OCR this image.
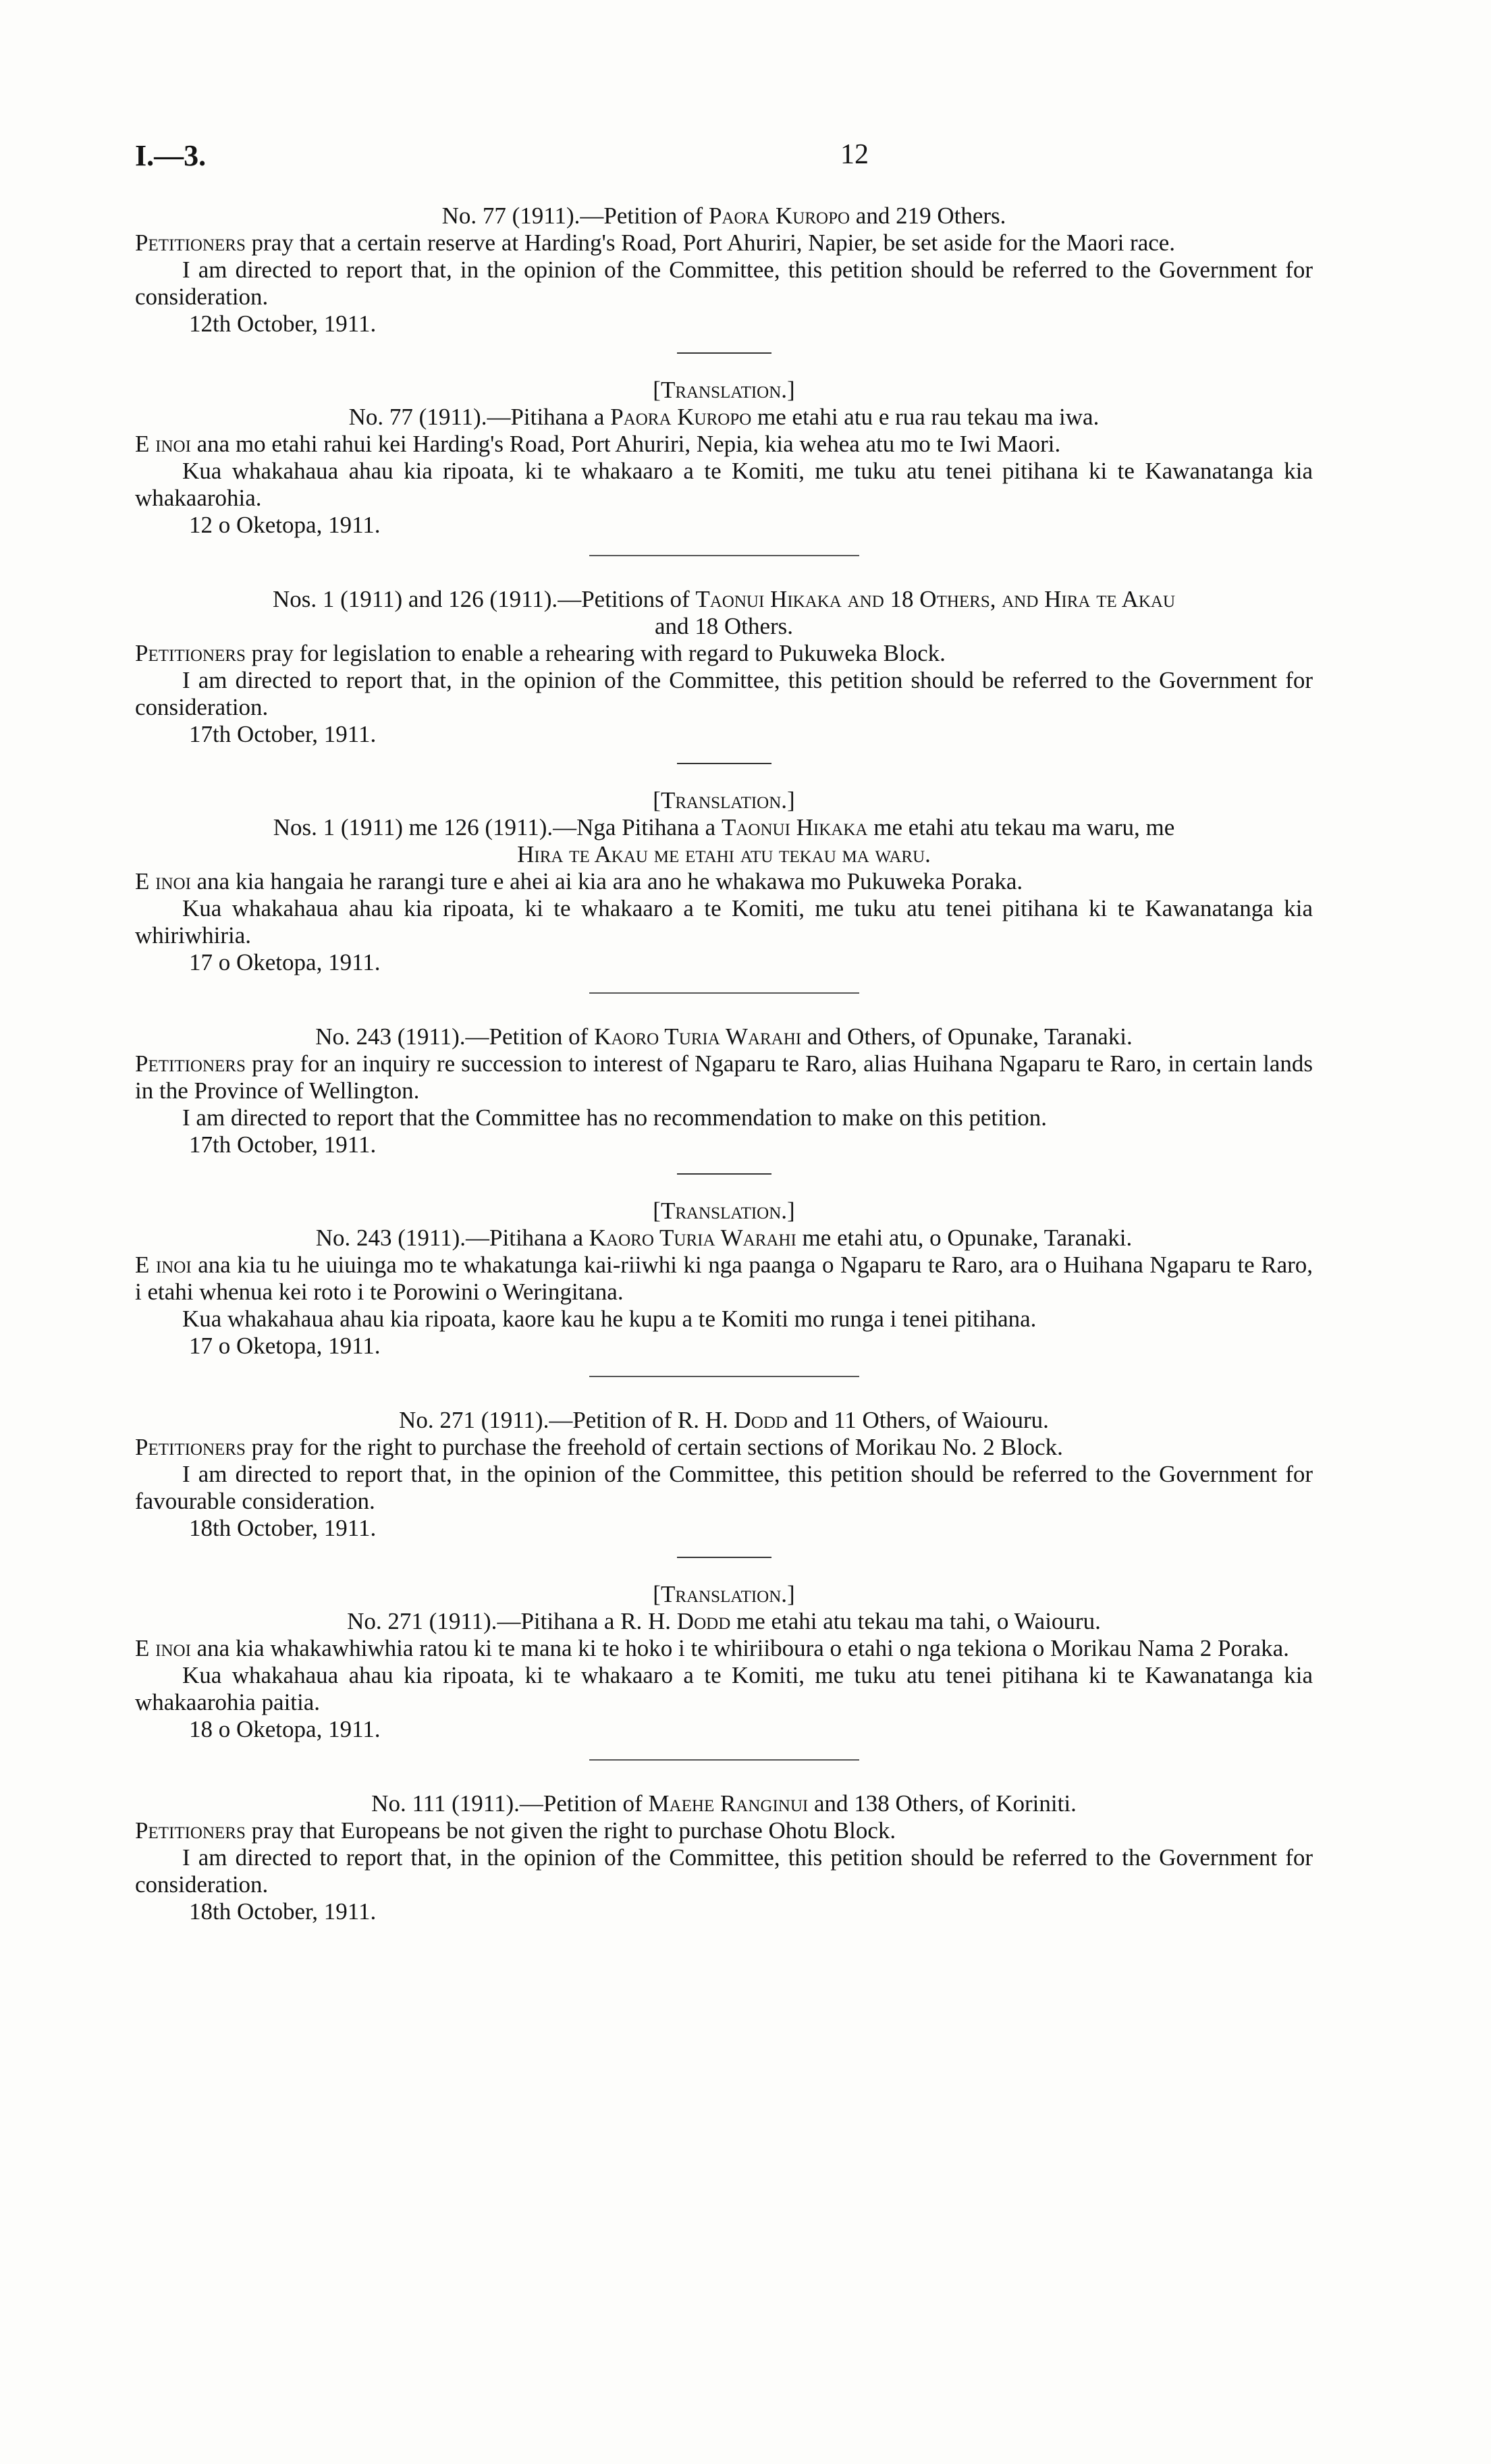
I.—3.	12

No. 77 (1911).—Petition of Paora Kuropo and 219 Others.

Petitioners pray that a certain reserve at Harding's Road, Port Ahuriri, Napier, be set aside for the Maori race.

I am directed to report that, in the opinion of the Committee, this petition should be referred to the Government for consideration.

12th October, 1911.

[Translation.]

No. 77 (1911).—Pitihana a Paora Kuropo me etahi atu e rua rau tekau ma iwa.

E inoi ana mo etahi rahui kei Harding's Road, Port Ahuriri, Nepia, kia wehea atu mo te Iwi Maori.

Kua whakahaua ahau kia ripoata, ki te whakaaro a te Komiti, me tuku atu tenei pitihana ki te Kawanatanga kia whakaarohia.

12 o Oketopa, 1911.

Nos. 1 (1911) and 126 (1911).—Petitions of Taonui Hikaka and 18 Others, and Hira te Akau

and 18 Others.

Petitioners pray for legislation to enable a rehearing with regard to Pukuweka Block.

I am directed to report that, in the opinion of the Committee, this petition should be referred to the Government for consideration.

17th October, 1911.

[Translation.]

Nos. 1 (1911) me 126 (1911).—Nga Pitihana a Taonui Hikaka me etahi atu tekau ma waru, me

Hira te Akau me etahi atu tekau ma waru.

E inoi ana kia hangaia he rarangi ture e ahei ai kia ara ano he whakawa mo Pukuweka Poraka.

Kua whakahaua ahau kia ripoata, ki te whakaaro a te Komiti, me tuku atu tenei pitihana ki te Kawanatanga kia whiriwhiria.

17 o Oketopa, 1911.

No. 243 (1911).—Petition of Kaoro Turia Warahi and Others, of Opunake, Taranaki.

Petitioners pray for an inquiry re succession to interest of Ngaparu te Raro, alias Huihana Ngaparu te Raro, in certain lands in the Province of Wellington.

I am directed to report that the Committee has no recommendation to make on this petition.

17th October, 1911.

[Translation.]

No. 243 (1911).—Pitihana a Kaoro Turia Warahi me etahi atu, o Opunake, Taranaki.

E inoi ana kia tu he uiuinga mo te whakatunga kai-riiwhi ki nga paanga o Ngaparu te Raro, ara o Huihana Ngaparu te Raro, i etahi whenua kei roto i te Porowini o Weringitana.

Kua whakahaua ahau kia ripoata, kaore kau he kupu a te Komiti mo runga i tenei pitihana.

17 o Oketopa, 1911.

No. 271 (1911).—Petition of R. H. Dodd and 11 Others, of Waiouru.

Petitioners pray for the right to purchase the freehold of certain sections of Morikau No. 2 Block.

I am directed to report that, in the opinion of the Committee, this petition should be referred to the Government for favourable consideration.

18th October, 1911.

[Translation.]

No. 271 (1911).—Pitihana a R. H. Dodd me etahi atu tekau ma tahi, o Waiouru.

E inoi ana kia whakawhiwhia ratou ki te mana ki te hoko i te whiriiboura o etahi o nga tekiona o Morikau Nama 2 Poraka.

Kua whakahaua ahau kia ripoata, ki te whakaaro a te Komiti, me tuku atu tenei pitihana ki te Kawanatanga kia whakaarohia paitia.

18 o Oketopa, 1911.

No. 111 (1911).—Petition of Maehe Ranginui and 138 Others, of Koriniti.

Petitioners pray that Europeans be not given the right to purchase Ohotu Block.

I am directed to report that, in the opinion of the Committee, this petition should be referred to the Government for consideration.

18th October, 1911.
